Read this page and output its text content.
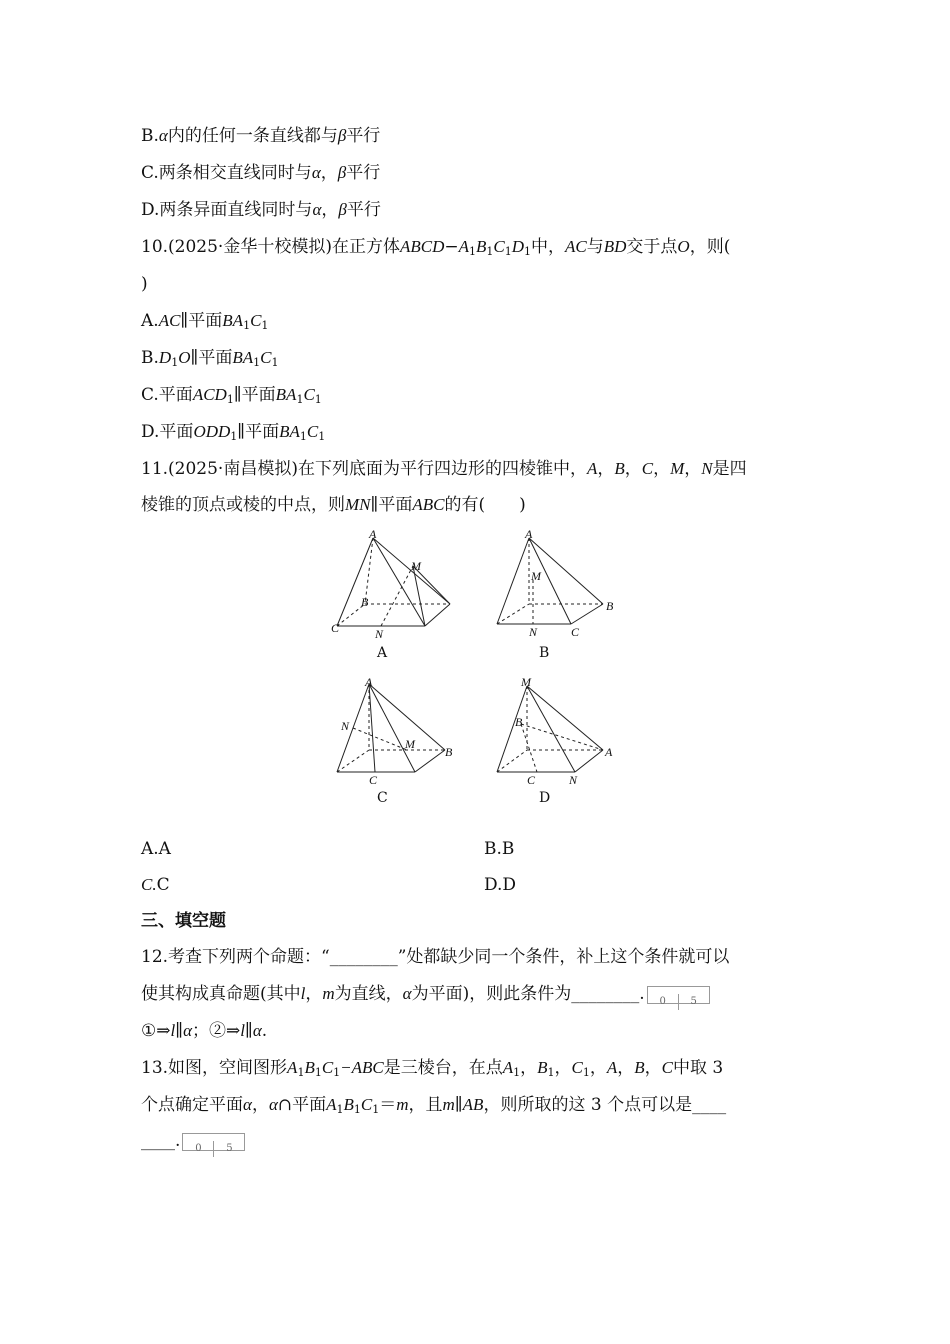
B.α内的任何一条直线都与β平行
C.两条相交直线同时与α，β平行
D.两条异面直线同时与α，β平行
10.(2025·金华十校模拟)在正方体$ABCD-A_1B_1C_1D_1$中，AC与BD交于点O，则(
)
A.AC∥平面$BA_1C_1$
$B.D_1O\parallel$平面$BA_1C_1$
C.平面$ACD_1\parallel$平面$BA_1C_1$
D.平面$ODD_1\parallel$平面$BA_1C_1$
11.(2025·南昌模拟)在下列底面为平行四边形的四棱锥中，A，B，C，M，N是四
棱锥的顶点或棱的中点，则MN∥平面ABC的有(　　)
A
M
B
C	N
A
M
B
N	C
A
N
M
B
C
M
B
A
C	N
A	B
C	D
A.A	B.B
C.C	D.D
三、填空题
12.考查下列两个命题：“________”处都缺少同一个条件，补上这个条件就可以
使其构成真命题(其中l，m为直线，α为平面)，则此条件为________. 0 5
①⇒l∥α；②⇒l∥α.
13.如图，空间图形$A_1B_1C_1-ABC$是三棱台，在点$A_1$，$B_1$，$C_1$，A，B，C中取 3
个点确定平面α，α∩平面$A_1B_1C_1=m$，且m∥AB，则所取的这 3 个点可以是____
____. 0 5
